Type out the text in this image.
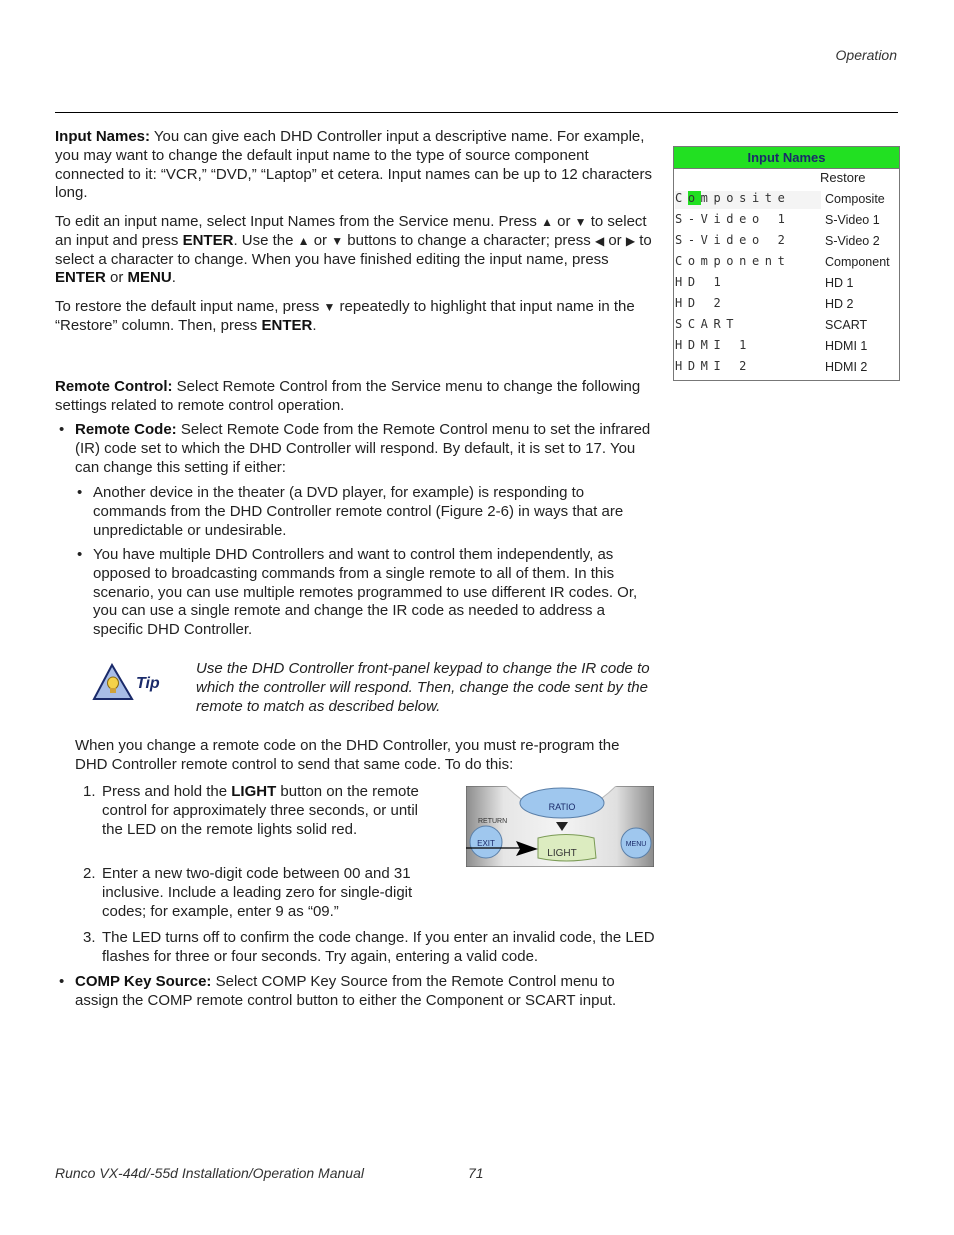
Operation
Input Names: You can give each DHD Controller input a descriptive name. For example, you may want to change the default input name to the type of source component connected to it: “VCR,” “DVD,” “Laptop” et cetera. Input names can be up to 12 characters long.
To edit an input name, select Input Names from the Service menu. Press ▲ or ▼ to select an input and press ENTER. Use the ▲ or ▼ buttons to change a character; press ◀ or ▶ to select a character to change. When you have finished editing the input name, press ENTER or MENU.
To restore the default input name, press ▼ repeatedly to highlight that input name in the “Restore” column. Then, press ENTER.
Input Names
Restore
Composite	Composite
S-Video 1	S-Video 1
S-Video 2	S-Video 2
Component	Component
HD 1	HD 1
HD 2	HD 2
SCART	SCART
HDMI 1	HDMI 1
HDMI 2	HDMI 2
Remote Control: Select Remote Control from the Service menu to change the following settings related to remote control operation.
• Remote Code: Select Remote Code from the Remote Control menu to set the infrared (IR) code set to which the DHD Controller will respond. By default, it is set to 17. You can change this setting if either:
• Another device in the theater (a DVD player, for example) is responding to commands from the DHD Controller remote control (Figure 2-6) in ways that are unpredictable or undesirable.
• You have multiple DHD Controllers and want to control them independently, as opposed to broadcasting commands from a single remote to all of them. In this scenario, you can use multiple remotes programmed to use different IR codes. Or, you can use a single remote and change the IR code as needed to address a specific DHD Controller.
Tip
Use the DHD Controller front-panel keypad to change the IR code to which the controller will respond. Then, change the code sent by the remote to match as described below.
When you change a remote code on the DHD Controller, you must re-program the DHD Controller remote control to send that same code. To do this:
1. Press and hold the LIGHT button on the remote control for approximately three seconds, or until the LED on the remote lights solid red.
2. Enter a new two-digit code between 00 and 31 inclusive. Include a leading zero for single-digit codes; for example, enter 9 as “09.”
3. The LED turns off to confirm the code change. If you enter an invalid code, the LED flashes for three or four seconds. Try again, entering a valid code.
RATIO
RETURN
EXIT
LIGHT
MENU
• COMP Key Source: Select COMP Key Source from the Remote Control menu to assign the COMP remote control button to either the Component or SCART input.
Runco VX-44d/-55d Installation/Operation Manual	71
